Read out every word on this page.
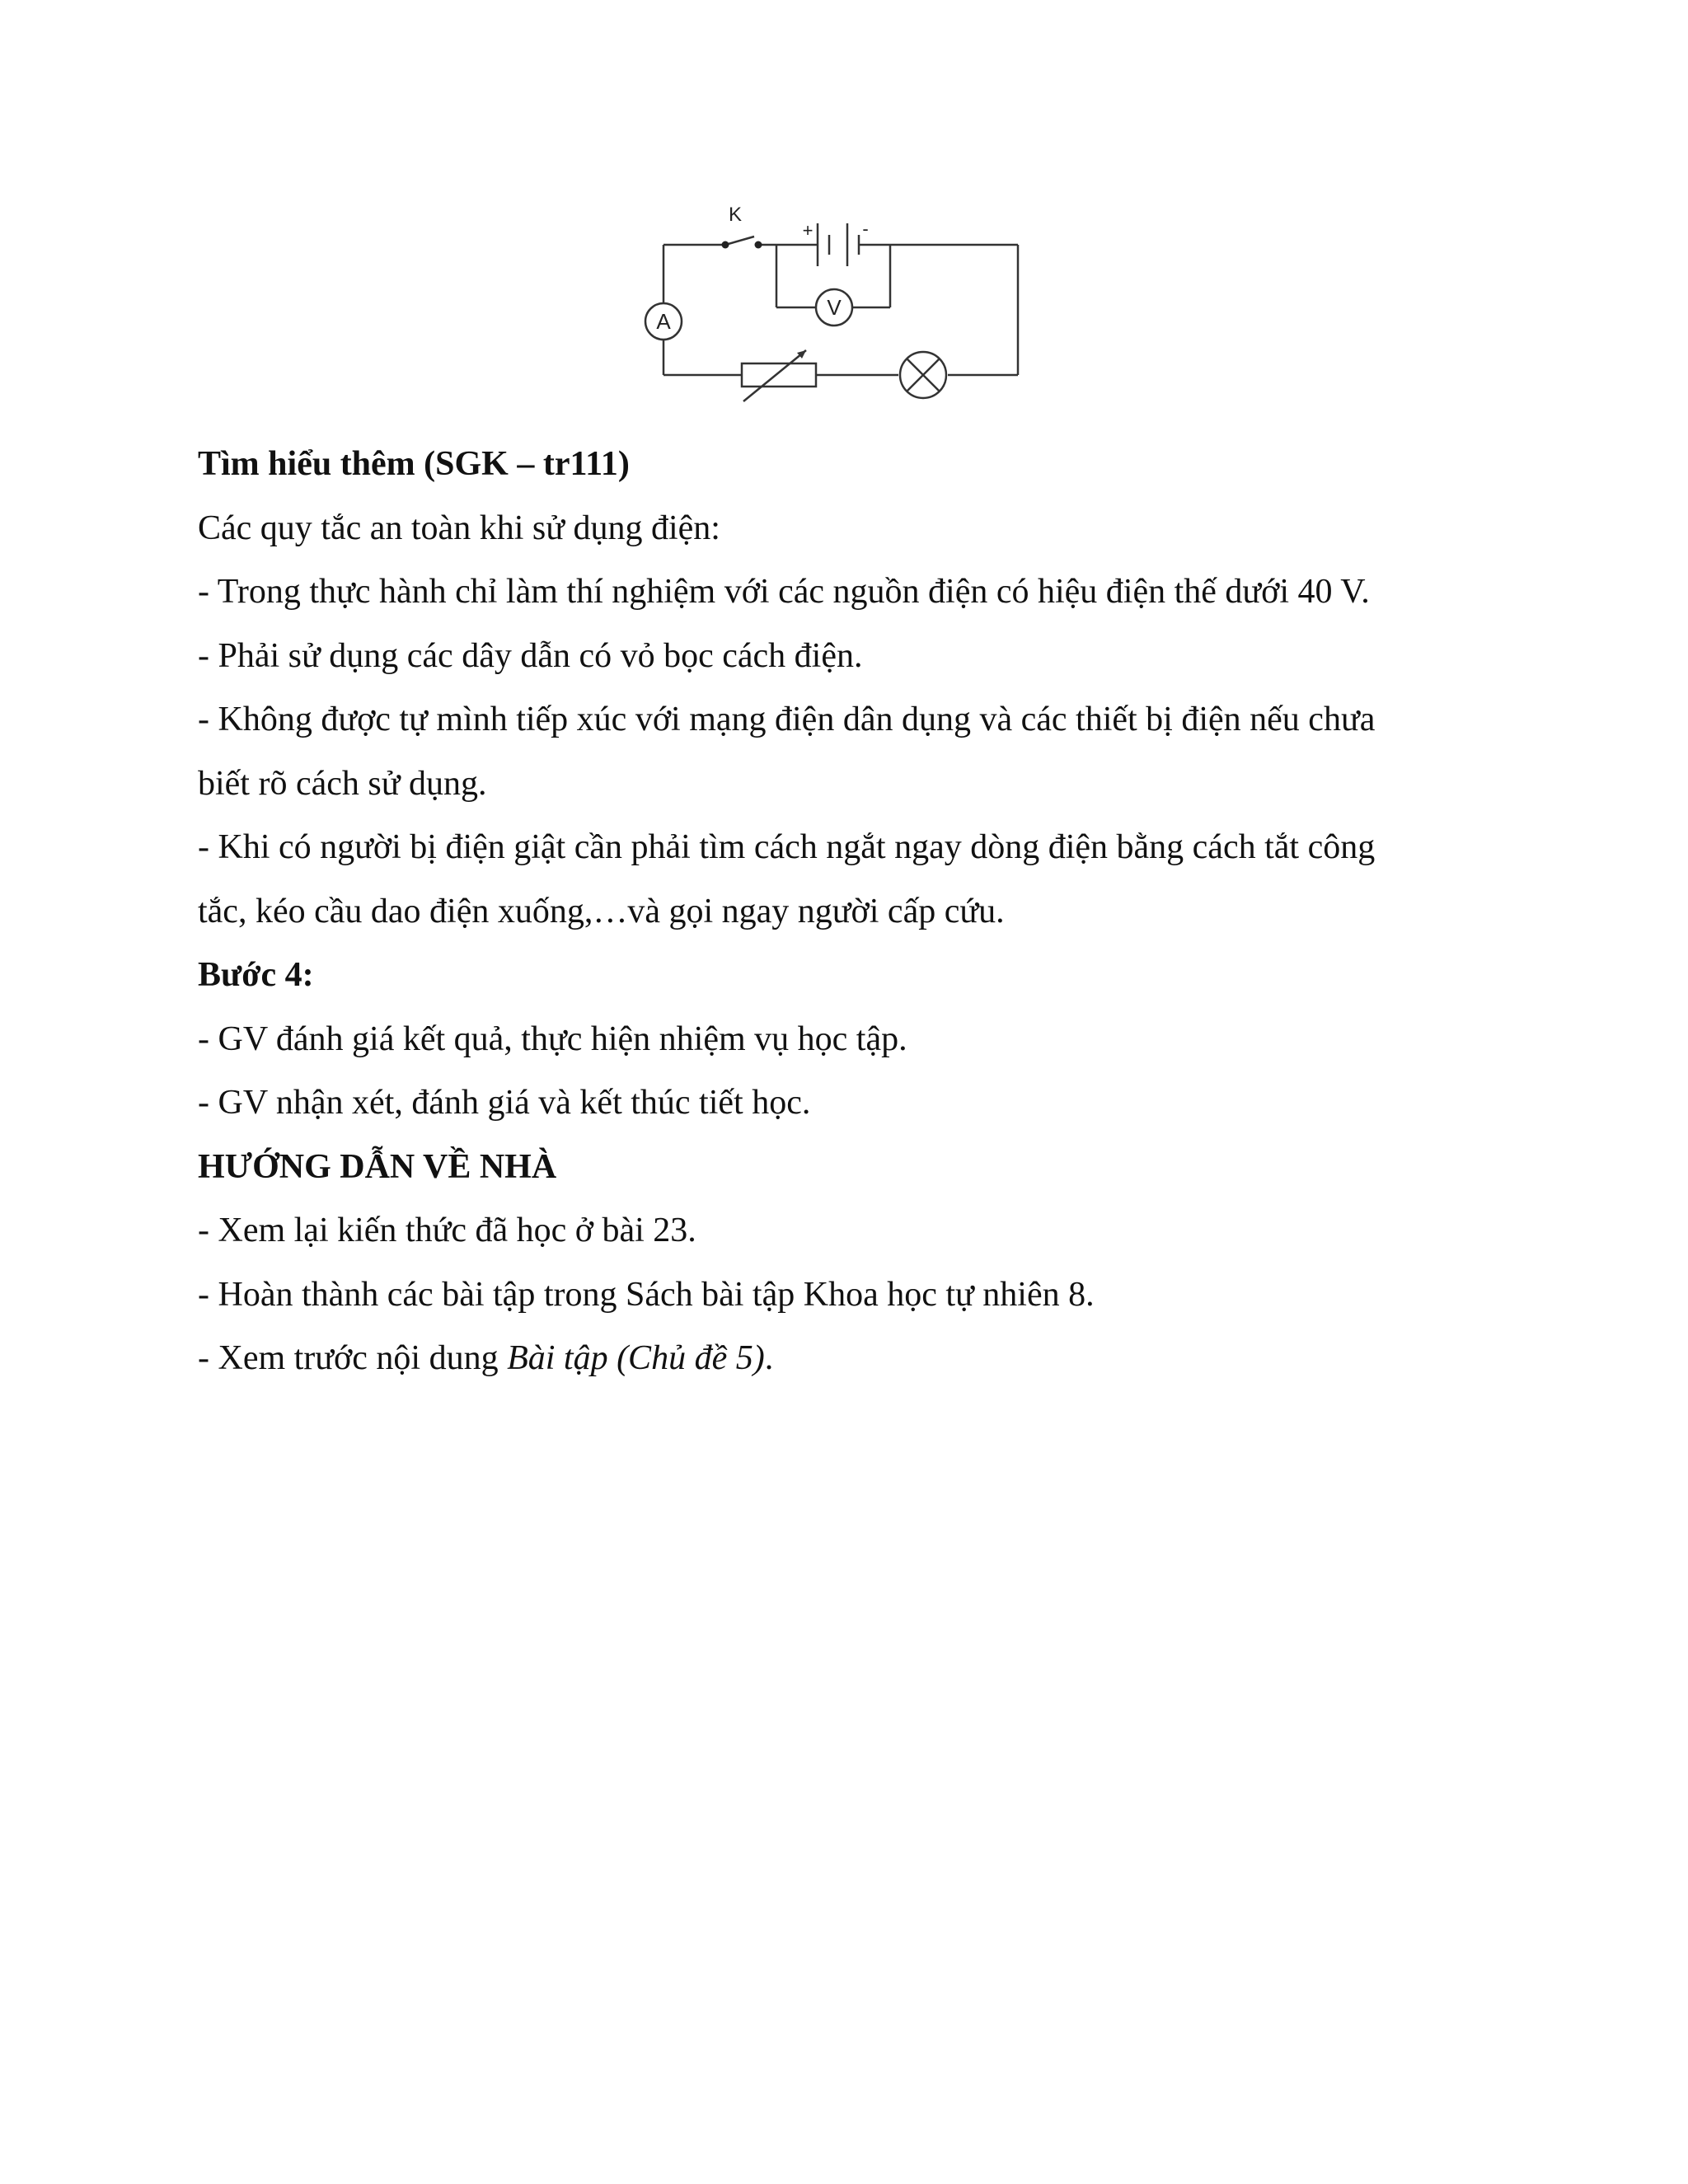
K
+	-
A
V

Tìm hiểu thêm (SGK – tr111)

Các quy tắc an toàn khi sử dụng điện:

- Trong thực hành chỉ làm thí nghiệm với các nguồn điện có hiệu điện thế dưới 40 V.

- Phải sử dụng các dây dẫn có vỏ bọc cách điện.

- Không được tự mình tiếp xúc với mạng điện dân dụng và các thiết bị điện nếu chưa

biết rõ cách sử dụng.

- Khi có người bị điện giật cần phải tìm cách ngắt ngay dòng điện bằng cách tắt công

tắc, kéo cầu dao điện xuống,…và gọi ngay người cấp cứu.

Bước 4:

- GV đánh giá kết quả, thực hiện nhiệm vụ học tập.

- GV nhận xét, đánh giá và kết thúc tiết học.

HƯỚNG DẪN VỀ NHÀ

- Xem lại kiến thức đã học ở bài 23.

- Hoàn thành các bài tập trong Sách bài tập Khoa học tự nhiên 8.

- Xem trước nội dung Bài tập (Chủ đề 5).
